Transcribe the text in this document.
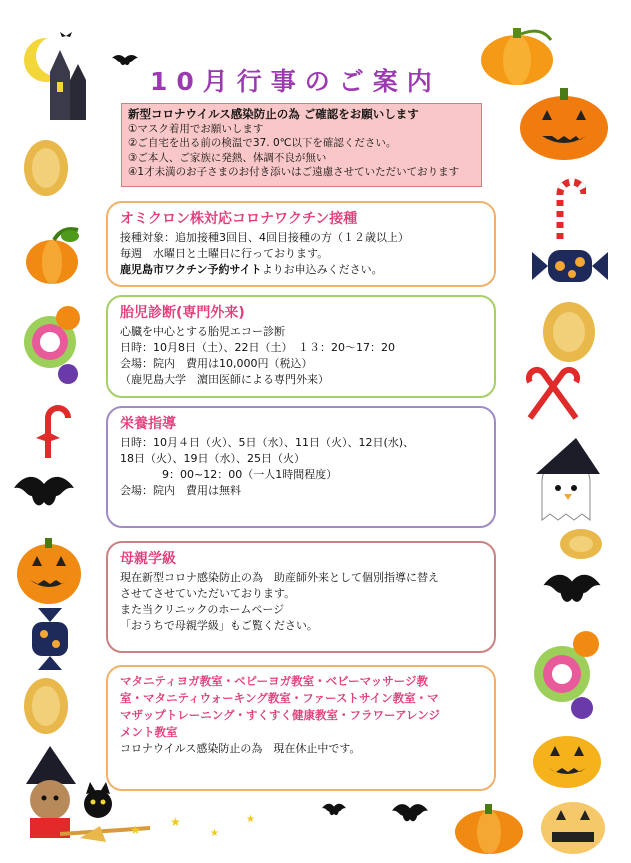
★
★
★
★
10月行事のご案内
新型コロナウイルス感染防止の為 ご確認をお願いします
①マスク着用でお願いします
②ご自宅を出る前の検温で37. 0℃以下を確認ください。
③ご本人、ご家族に発熱、体調不良が無い
④1才未満のお子さまのお付き添いはご遠慮させていただいております
オミクロン株対応コロナワクチン接種
接種対象：追加接種3回目、4回目接種の方（１２歳以上）
毎週　水曜日と土曜日に行っております。
鹿児島市ワクチン予約サイトよりお申込みください。
胎児診断(専門外来)
心臓を中心とする胎児エコー診断
日時：10月8日（土）、22日（土）　１３：20～17：20
会場：院内　費用は10,000円（税込）
（鹿児島大学　濵田医師による専門外来）
栄養指導
日時：10月４日（火）、5日（水）、11日（火）、12日(水)、
18日（火）、19日（水）、25日（火）
9：00~12：00（一人1時間程度）
会場：院内　費用は無料
母親学級
現在新型コロナ感染防止の為　助産師外来として個別指導に替え
させてさせていただいております。
また当クリニックのホームページ
「おうちで母親学級」もご覧ください。
マタニティヨガ教室・ベビーヨガ教室・ベビーマッサージ教
室・マタニティウォーキング教室・ファーストサイン教室・マ
マザップトレーニング・すくすく健康教室・フラワーアレンジ
メント教室
コロナウイルス感染防止の為　現在休止中です。
